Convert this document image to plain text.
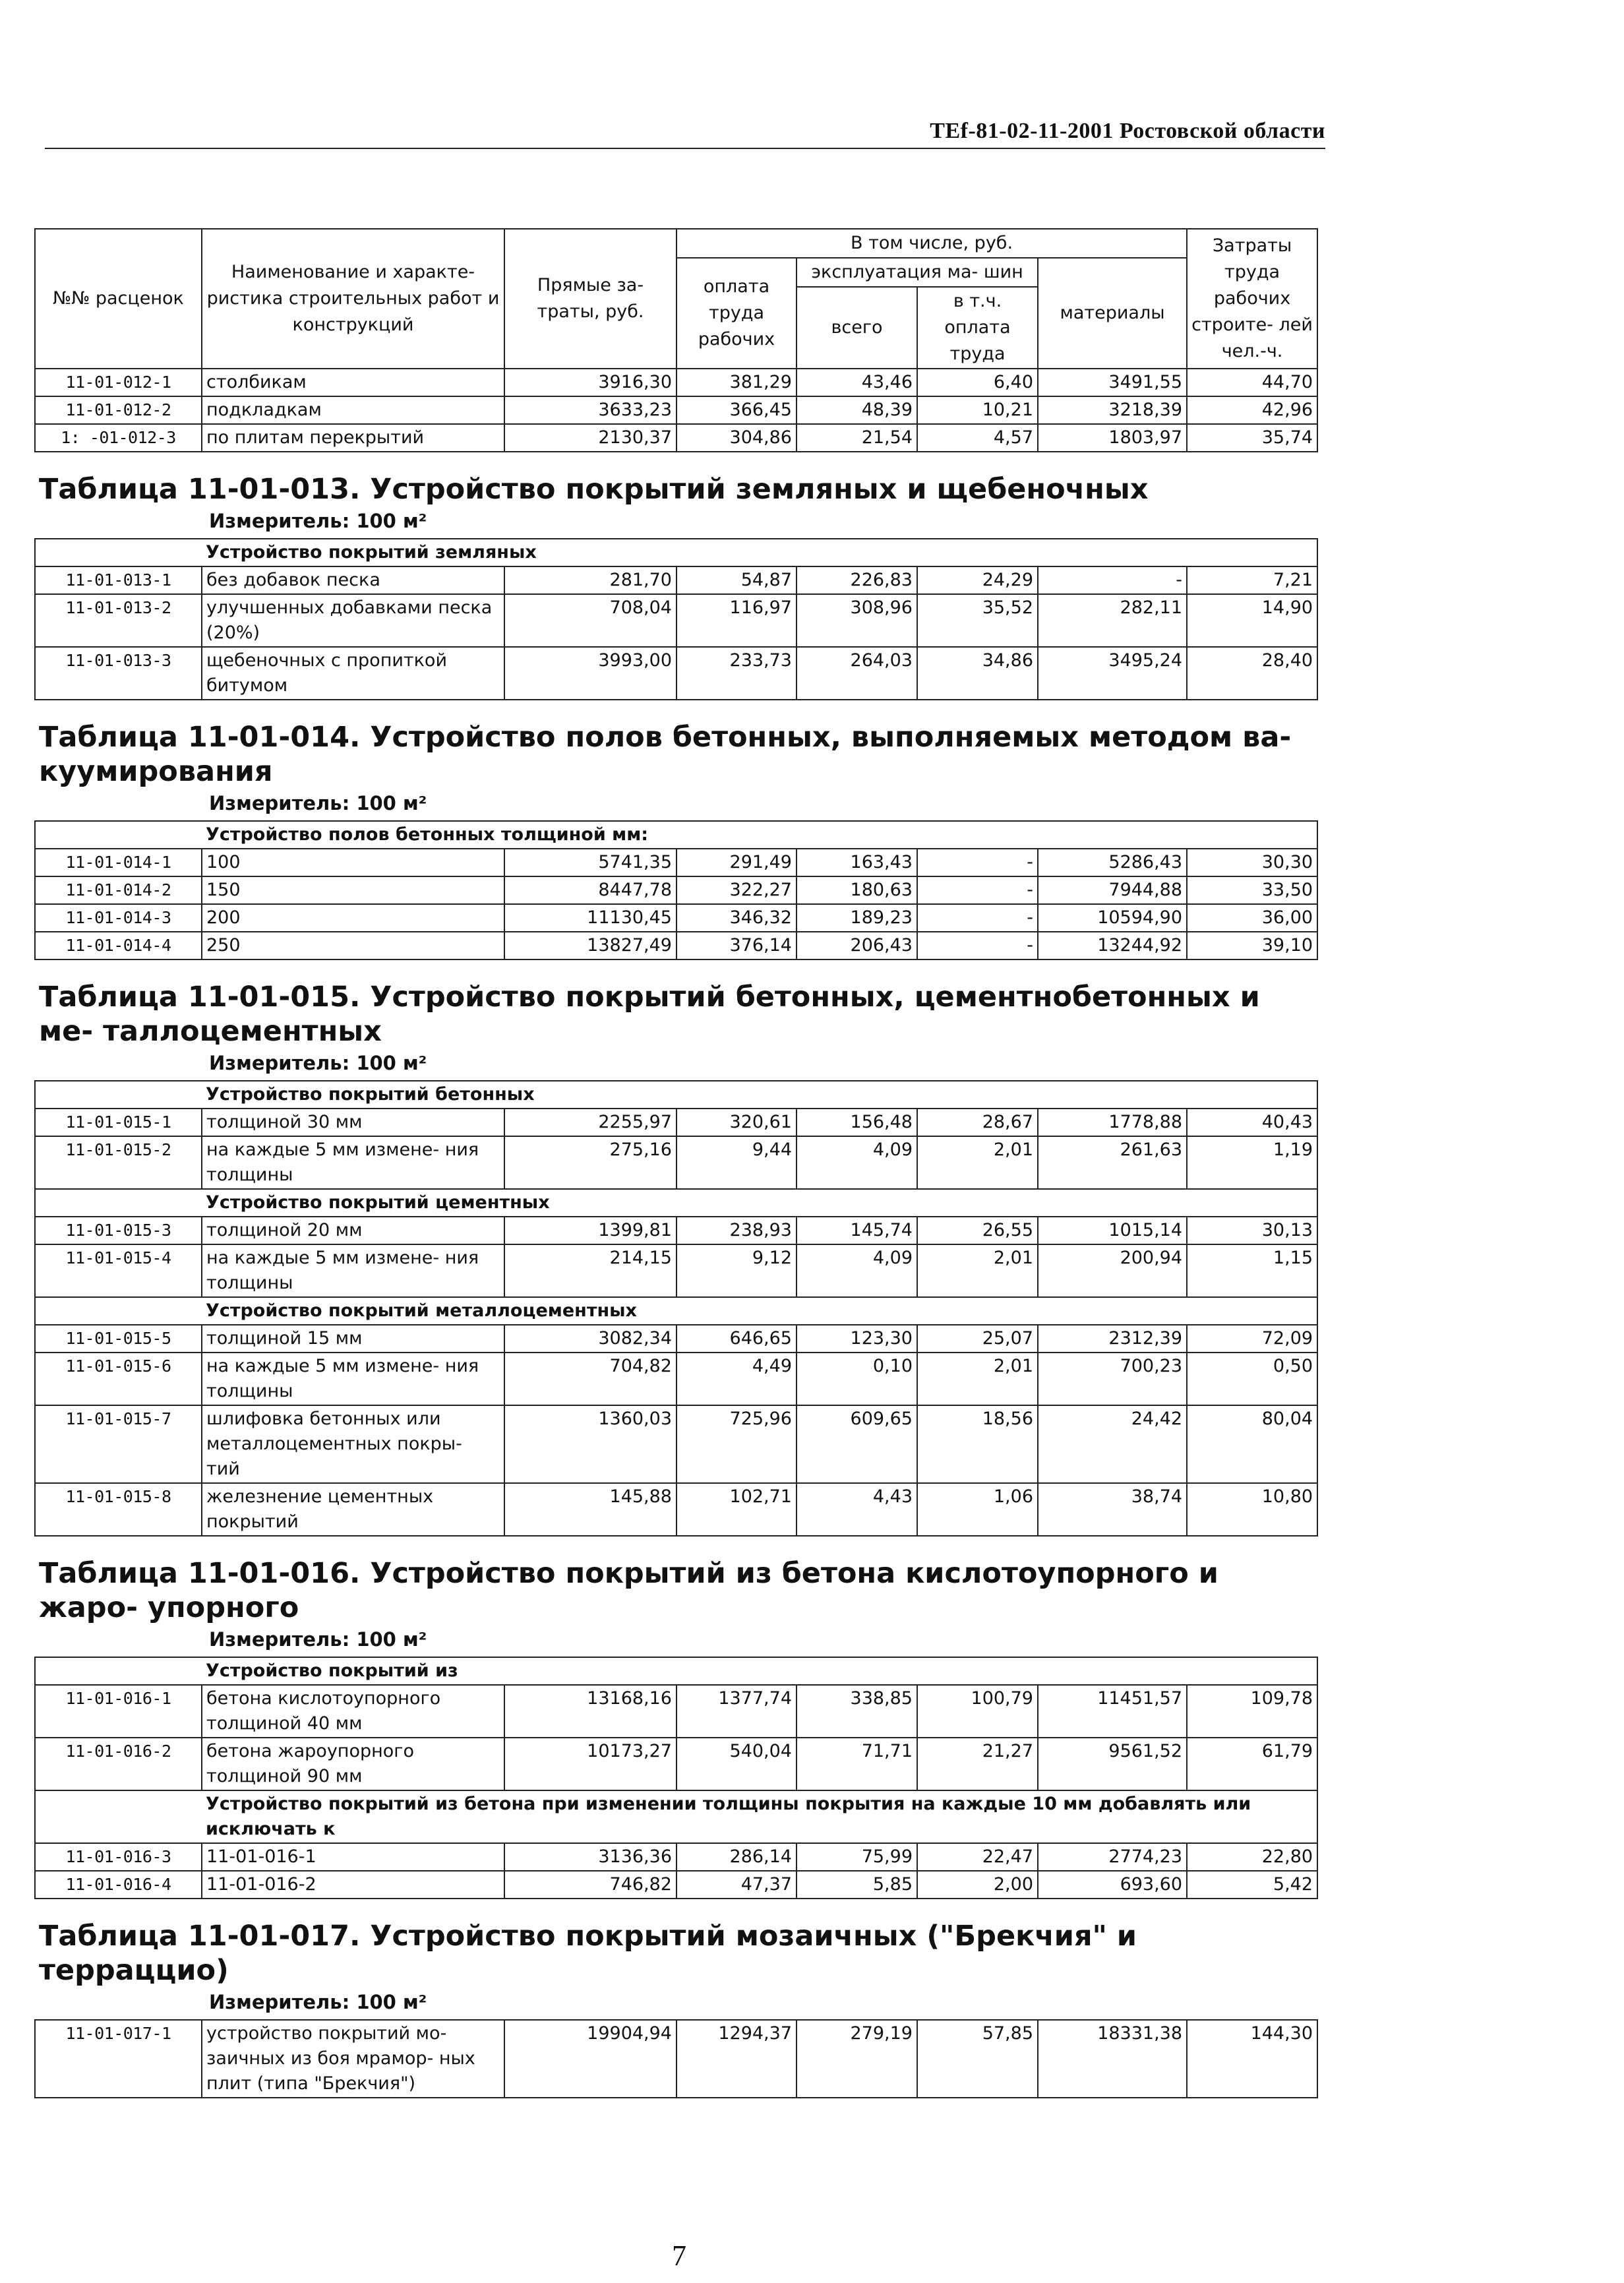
ТЕf-81-02-11-2001 Ростовской области
№№ расценок	Наименование и характе- ристика строительных работ и конструкций	Прямые за- траты, руб.	В том числе, руб.				Затраты труда рабочих строите- лей чел.-ч.
			оплата труда рабочих	эксплуатация ма- шин		материалы	
				всего	в т.ч. оплата труда		
11-01-012-1	столбикам	3916,30	381,29	43,46	6,40	3491,55	44,70
11-01-012-2	подкладкам	3633,23	366,45	48,39	10,21	3218,39	42,96
1: -01-012-3	по плитам перекрытий	2130,37	304,86	21,54	4,57	1803,97	35,74

Таблица 11-01-013. Устройство покрытий земляных и щебеночных
Измеритель: 100 м²							

	Устройство покрытий земляных						
11-01-013-1	без добавок песка	281,70	54,87	226,83	24,29	-	7,21
11-01-013-2	улучшенных добавками песка (20%)	708,04	116,97	308,96	35,52	282,11	14,90
11-01-013-3	щебеночных с пропиткой битумом	3993,00	233,73	264,03	34,86	3495,24	28,40

Таблица 11-01-014. Устройство полов бетонных, выполняемых методом ва- куумирования
Измеритель: 100 м²							

	Устройство полов бетонных толщиной мм:						
11-01-014-1	100	5741,35	291,49	163,43	-	5286,43	30,30
11-01-014-2	150	8447,78	322,27	180,63	-	7944,88	33,50
11-01-014-3	200	11130,45	346,32	189,23	-	10594,90	36,00
11-01-014-4	250	13827,49	376,14	206,43	-	13244,92	39,10

Таблица 11-01-015. Устройство покрытий бетонных, цементнобетонных и ме- таллоцементных
Измеритель: 100 м²							

	Устройство покрытий бетонных						
11-01-015-1	толщиной 30 мм	2255,97	320,61	156,48	28,67	1778,88	40,43
11-01-015-2	на каждые 5 мм измене- ния толщины	275,16	9,44	4,09	2,01	261,63	1,19
	Устройство покрытий цементных						
11-01-015-3	толщиной 20 мм	1399,81	238,93	145,74	26,55	1015,14	30,13
11-01-015-4	на каждые 5 мм измене- ния толщины	214,15	9,12	4,09	2,01	200,94	1,15
	Устройство покрытий металлоцементных						
11-01-015-5	толщиной 15 мм	3082,34	646,65	123,30	25,07	2312,39	72,09
11-01-015-6	на каждые 5 мм измене- ния толщины	704,82	4,49	0,10	2,01	700,23	0,50
11-01-015-7	шлифовка бетонных или металлоцементных покры- тий	1360,03	725,96	609,65	18,56	24,42	80,04
11-01-015-8	железнение цементных покрытий	145,88	102,71	4,43	1,06	38,74	10,80

Таблица 11-01-016. Устройство покрытий из бетона кислотоупорного и жаро- упорного
Измеритель: 100 м²							

	Устройство покрытий из						
11-01-016-1	бетона кислотоупорного толщиной 40 мм	13168,16	1377,74	338,85	100,79	11451,57	109,78
11-01-016-2	бетона жароупорного толщиной 90 мм	10173,27	540,04	71,71	21,27	9561,52	61,79
	Устройство покрытий из бетона при изменении толщины покрытия на каждые 10 мм добавлять или исключать к						
11-01-016-3	11-01-016-1	3136,36	286,14	75,99	22,47	2774,23	22,80
11-01-016-4	11-01-016-2	746,82	47,37	5,85	2,00	693,60	5,42

Таблица 11-01-017. Устройство покрытий мозаичных ("Брекчия" и терраццио)
Измеритель: 100 м²							

11-01-017-1	устройство покрытий мо- заичных из боя мрамор- ных плит (типа "Брекчия")	19904,94	1294,37	279,19	57,85	18331,38	144,30
7
